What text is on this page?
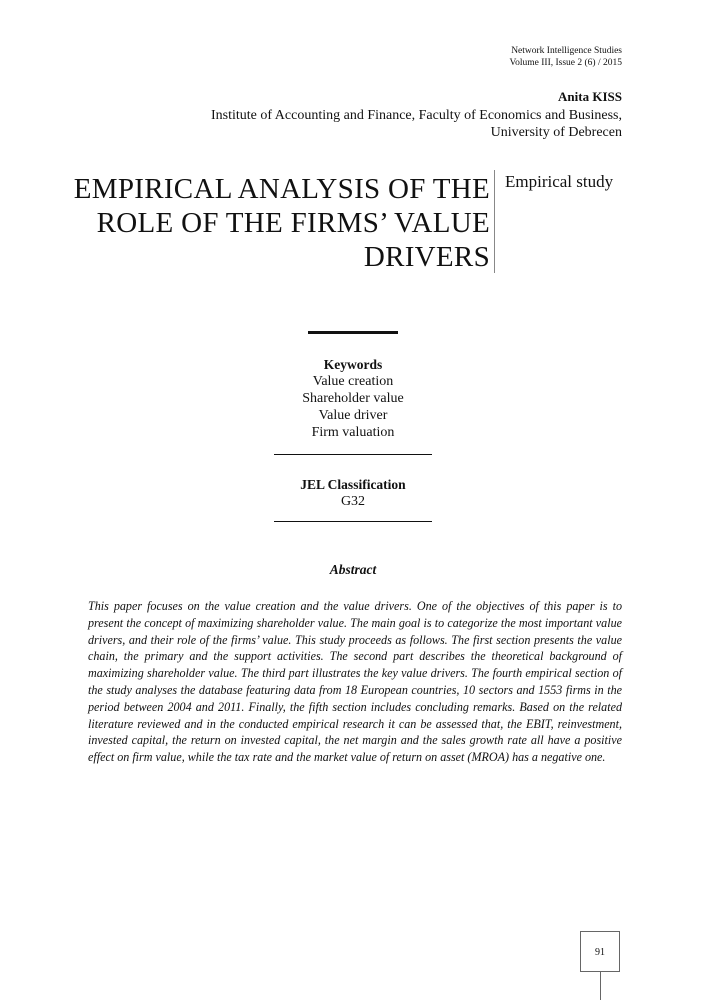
Network Intelligence Studies
Volume III, Issue 2 (6) / 2015
Anita KISS
Institute of Accounting and Finance, Faculty of Economics and Business,
University of Debrecen
EMPIRICAL ANALYSIS OF THE
ROLE OF THE FIRMS’ VALUE
DRIVERS
Empirical study
Keywords
Value creation
Shareholder value
Value driver
Firm valuation
JEL Classification
G32
Abstract
This paper focuses on the value creation and the value drivers. One of the objectives of this paper is to present the concept of maximizing shareholder value. The main goal is to categorize the most important value drivers, and their role of the firms’ value. This study proceeds as follows. The first section presents the value chain, the primary and the support activities. The second part describes the theoretical background of maximizing shareholder value. The third part illustrates the key value drivers. The fourth empirical section of the study analyses the database featuring data from 18 European countries, 10 sectors and 1553 firms in the period between 2004 and 2011. Finally, the fifth section includes concluding remarks. Based on the related literature reviewed and in the conducted empirical research it can be assessed that, the EBIT, reinvestment, invested capital, the return on invested capital, the net margin and the sales growth rate all have a positive effect on firm value, while the tax rate and the market value of return on asset (MROA) has a negative one.
91
